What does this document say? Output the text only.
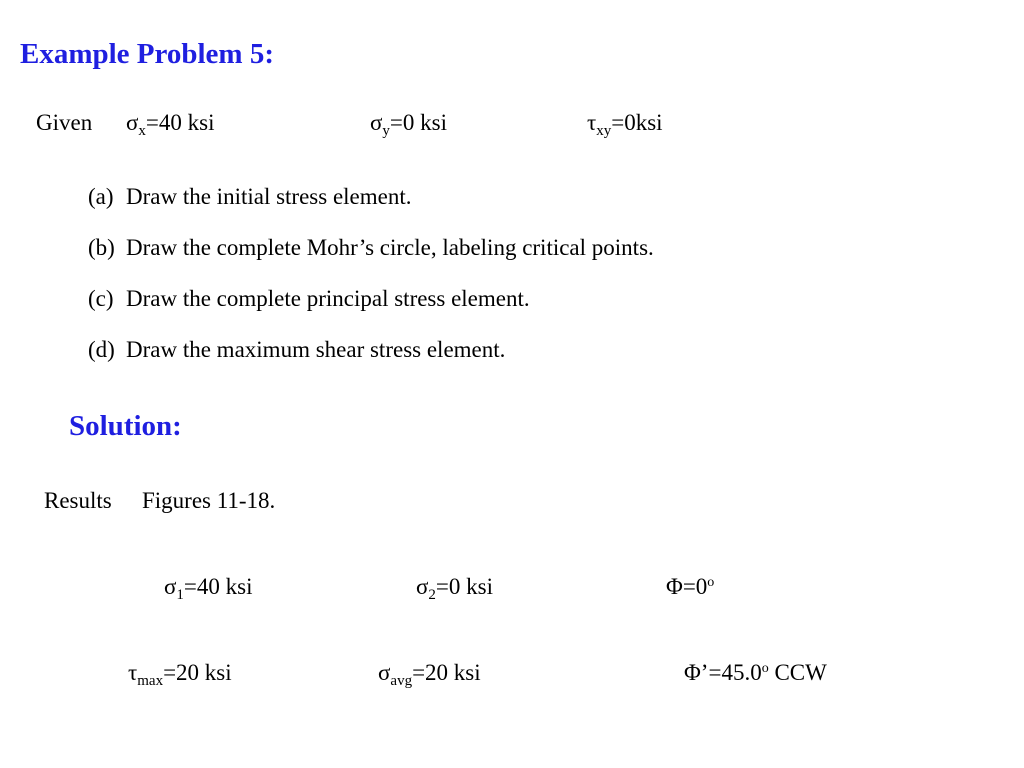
Example Problem 5:
Given $\sigma_x=40$ ksi	$\sigma_y=0$ ksi	$\tau_{xy}=0ksi$
(a) Draw the initial stress element.
(b) Draw the complete Mohr’s circle, labeling critical points.
(c) Draw the complete principal stress element.
(d) Draw the maximum shear stress element.
Solution:
Results Figures 11-18.
$\sigma_1=40$ ksi	$\sigma_2=0$ ksi	$\Phi=0^o$
$\tau_{max}=20$ ksi	$\sigma_{avg}=20$ ksi	$\Phi’=45.0^o$ CCW
